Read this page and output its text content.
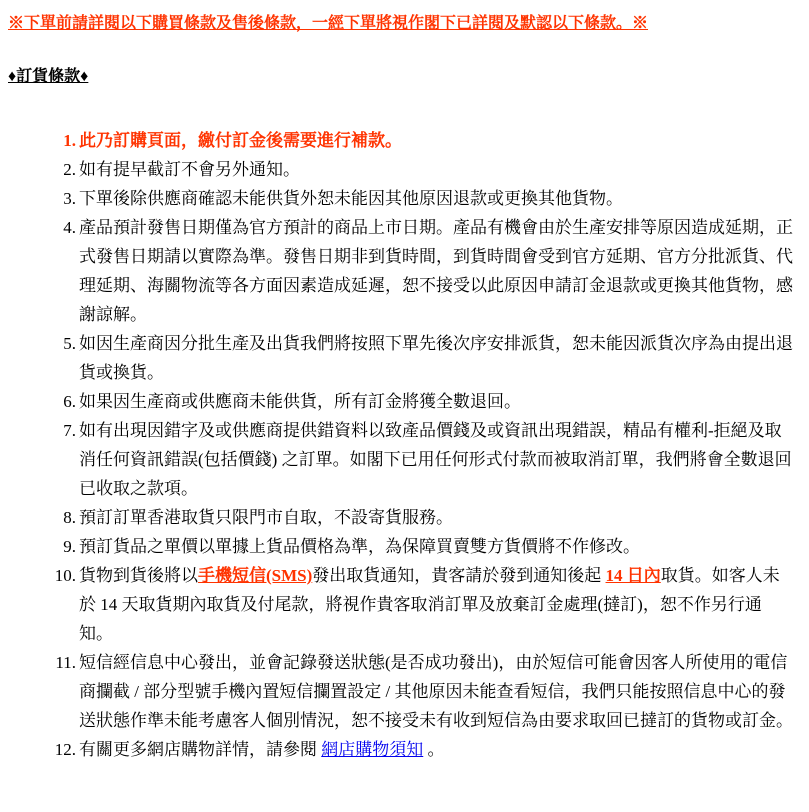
※下單前請詳閱以下購買條款及售後條款，一經下單將視作閣下已詳閱及默認以下條款。※
♦訂貨條款♦
1. 此乃訂購頁面，繳付訂金後需要進行補款。
2. 如有提早截訂不會另外通知。
3. 下單後除供應商確認未能供貨外恕未能因其他原因退款或更換其他貨物。
4. 產品預計發售日期僅為官方預計的商品上市日期。產品有機會由於生產安排等原因造成延期，正式發售日期請以實際為準。發售日期非到貨時間，到貨時間會受到官方延期、官方分批派貨、代理延期、海關物流等各方面因素造成延遲，恕不接受以此原因申請訂金退款或更換其他貨物，感謝諒解。
5. 如因生產商因分批生產及出貨我們將按照下單先後次序安排派貨，恕未能因派貨次序為由提出退貨或換貨。
6. 如果因生產商或供應商未能供貨，所有訂金將獲全數退回。
7. 如有出現因錯字及或供應商提供錯資料以致產品價錢及或資訊出現錯誤，精品有權利-拒絕及取消任何資訊錯誤(包括價錢) 之訂單。如閣下已用任何形式付款而被取消訂單，我們將會全數退回已收取之款項。
8. 預訂訂單香港取貨只限門市自取，不設寄貨服務。
9. 預訂貨品之單價以單據上貨品價格為準，為保障買賣雙方貨價將不作修改。
10. 貨物到貨後將以手機短信(SMS)發出取貨通知，貴客請於發到通知後起 14 日內取貨。如客人未於 14 天取貨期內取貨及付尾款，將視作貴客取消訂單及放棄訂金處理(撻訂)，恕不作另行通知。
11. 短信經信息中心發出，並會記錄發送狀態(是否成功發出)，由於短信可能會因客人所使用的電信商攔截 / 部分型號手機內置短信攔置設定 / 其他原因未能查看短信，我們只能按照信息中心的發送狀態作準未能考慮客人個別情況，恕不接受未有收到短信為由要求取回已撻訂的貨物或訂金。
12. 有關更多網店購物詳情，請參閱 網店購物須知 。
